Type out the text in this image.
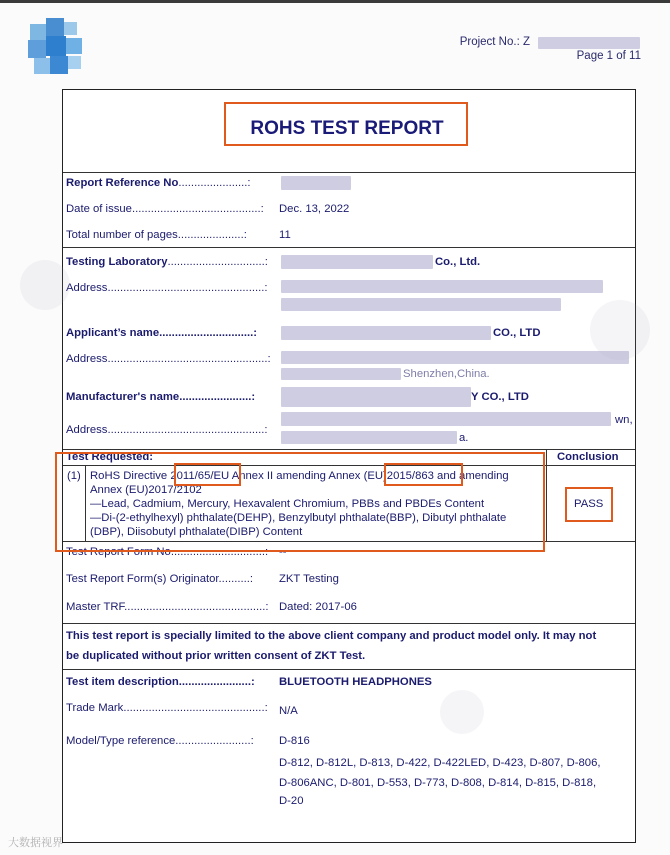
Project No.: Z
Page 1 of 11
ROHS TEST REPORT
Report Reference No......................:
Date of issue.........................................: Dec. 13, 2022
Total number of pages.....................:	11
Testing Laboratory...............................:	Co., Ltd.
Address..................................................:
Applicant’s name..............................:	CO., LTD
Address...................................................:
Shenzhen,China.
Manufacturer's name.......................:	Y CO., LTD
Address..................................................:
wn,
a.
Test Requested:	Conclusion
(1) RoHS Directive 2011/65/EU Annex II amending Annex (EU)2015/863 and amending
Annex (EU)2017/2102
—Lead, Cadmium, Mercury, Hexavalent Chromium, PBBs and PBDEs Content
—Di-(2-ethylhexyl) phthalate(DEHP), Benzylbutyl phthalate(BBP), Dibutyl phthalate
(DBP), Diisobutyl phthalate(DIBP) Content
PASS
Test Report Form No..............................: --
Test Report Form(s) Originator..........: ZKT Testing
Master TRF.............................................: Dated: 2017-06
This test report is specially limited to the above client company and product model only. It may not
be duplicated without prior written consent of ZKT Test.
Test item description.......................: BLUETOOTH HEADPHONES
Trade Mark.............................................: N/A
Model/Type reference........................: D-816
D-812, D-812L, D-813, D-422, D-422LED, D-423, D-807, D-806,
D-806ANC, D-801, D-553, D-773, D-808, D-814, D-815, D-818,
D-20
大数据视界
